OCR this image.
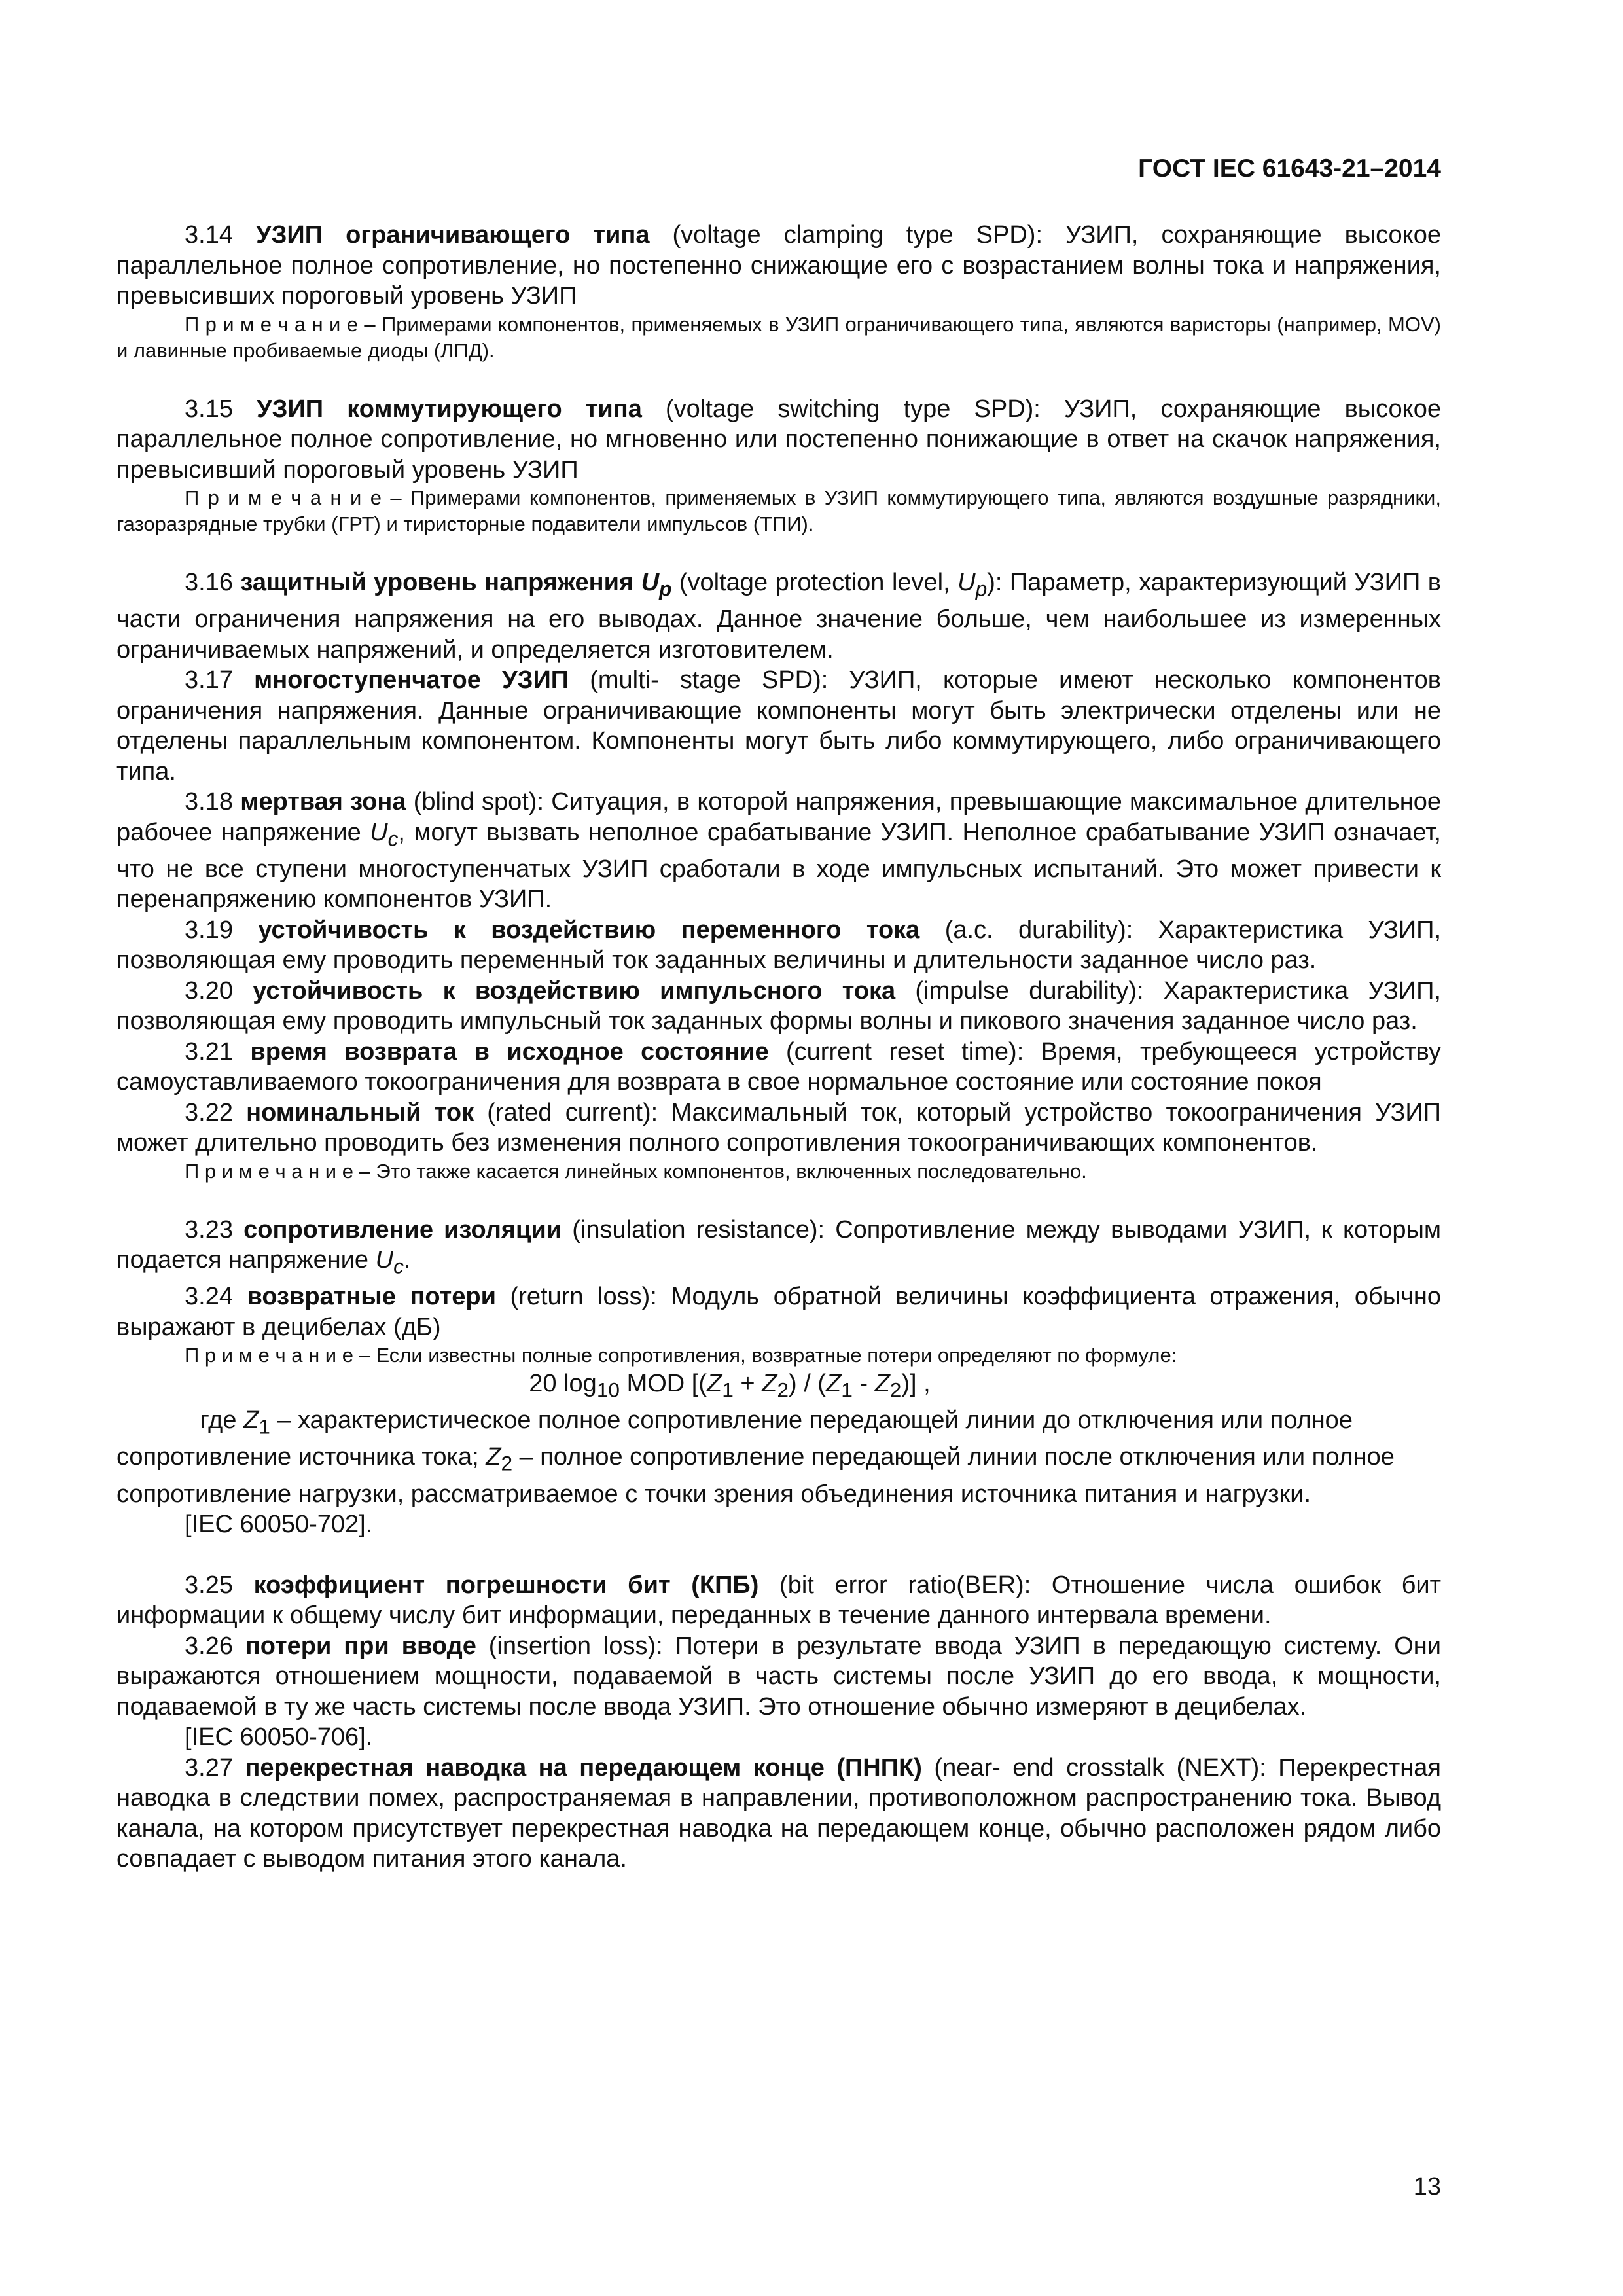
ГОСТ IEC 61643-21–2014

3.14 УЗИП ограничивающего типа (voltage clamping type SPD): УЗИП, сохраняющие высокое параллельное полное сопротивление, но постепенно снижающие его с возрастанием волны тока и напряжения, превысивших пороговый уровень УЗИП

П р и м е ч а н и е – Примерами компонентов, применяемых в УЗИП ограничивающего типа, являются варисторы (например, MOV) и лавинные пробиваемые диоды (ЛПД).

3.15 УЗИП коммутирующего типа (voltage switching type SPD): УЗИП, сохраняющие высокое параллельное полное сопротивление, но мгновенно или постепенно понижающие в ответ на скачок напряжения, превысивший пороговый уровень УЗИП

П р и м е ч а н и е – Примерами компонентов, применяемых в УЗИП коммутирующего типа, являются воздушные разрядники, газоразрядные трубки (ГРТ) и тиристорные подавители импульсов (ТПИ).

3.16 защитный уровень напряжения $U_p$ (voltage protection level, $U_p$): Параметр, характеризующий УЗИП в части ограничения напряжения на его выводах. Данное значение больше, чем наибольшее из измеренных ограничиваемых напряжений, и определяется изготовителем.

3.17 многоступенчатое УЗИП (multi- stage SPD): УЗИП, которые имеют несколько компонентов ограничения напряжения. Данные ограничивающие компоненты могут быть электрически отделены или не отделены параллельным компонентом. Компоненты могут быть либо коммутирующего, либо ограничивающего типа.

3.18 мертвая зона (blind spot): Ситуация, в которой напряжения, превышающие максимальное длительное рабочее напряжение $U_c$, могут вызвать неполное срабатывание УЗИП. Неполное срабатывание УЗИП означает, что не все ступени многоступенчатых УЗИП сработали в ходе импульсных испытаний. Это может привести к перенапряжению компонентов УЗИП.

3.19 устойчивость к воздействию переменного тока (a.c. durability): Характеристика УЗИП, позволяющая ему проводить переменный ток заданных величины и длительности заданное число раз.

3.20 устойчивость к воздействию импульсного тока (impulse durability): Характеристика УЗИП, позволяющая ему проводить импульсный ток заданных формы волны и пикового значения заданное число раз.

3.21 время возврата в исходное состояние (current reset time): Время, требующееся устройству самоуставливаемого токоограничения для возврата в свое нормальное состояние или состояние покоя

3.22 номинальный ток (rated current): Максимальный ток, который устройство токоограничения УЗИП может длительно проводить без изменения полного сопротивления токоограничивающих компонентов.

П р и м е ч а н и е – Это также касается линейных компонентов, включенных последовательно.

3.23 сопротивление изоляции (insulation resistance): Сопротивление между выводами УЗИП, к которым подается напряжение $U_c$.

3.24 возвратные потери (return loss): Модуль обратной величины коэффициента отражения, обычно выражают в децибелах (дБ)

П р и м е ч а н и е – Если известны полные сопротивления, возвратные потери определяют по формуле:

20 $\log_{10}$ MOD $[(Z_1 + Z_2) / (Z_1 - Z_2)]$ ,

где $Z_1$ – характеристическое полное сопротивление передающей линии до отключения или полное сопротивление источника тока; $Z_2$ – полное сопротивление передающей линии после отключения или полное сопротивление нагрузки, рассматриваемое с точки зрения объединения источника питания и нагрузки.

[IEC 60050-702].

3.25 коэффициент погрешности бит (КПБ) (bit error ratio(BER): Отношение числа ошибок бит информации к общему числу бит информации, переданных в течение данного интервала времени.

3.26 потери при вводе (insertion loss): Потери в результате ввода УЗИП в передающую систему. Они выражаются отношением мощности, подаваемой в часть системы после УЗИП до его ввода, к мощности, подаваемой в ту же часть системы после ввода УЗИП. Это отношение обычно измеряют в децибелах.

[IEC 60050-706].

3.27 перекрестная наводка на передающем конце (ПНПК) (near- end crosstalk (NEXT): Перекрестная наводка в следствии помех, распространяемая в направлении, противоположном распространению тока. Вывод канала, на котором присутствует перекрестная наводка на передающем конце, обычно расположен рядом либо совпадает с выводом питания этого канала.

13
